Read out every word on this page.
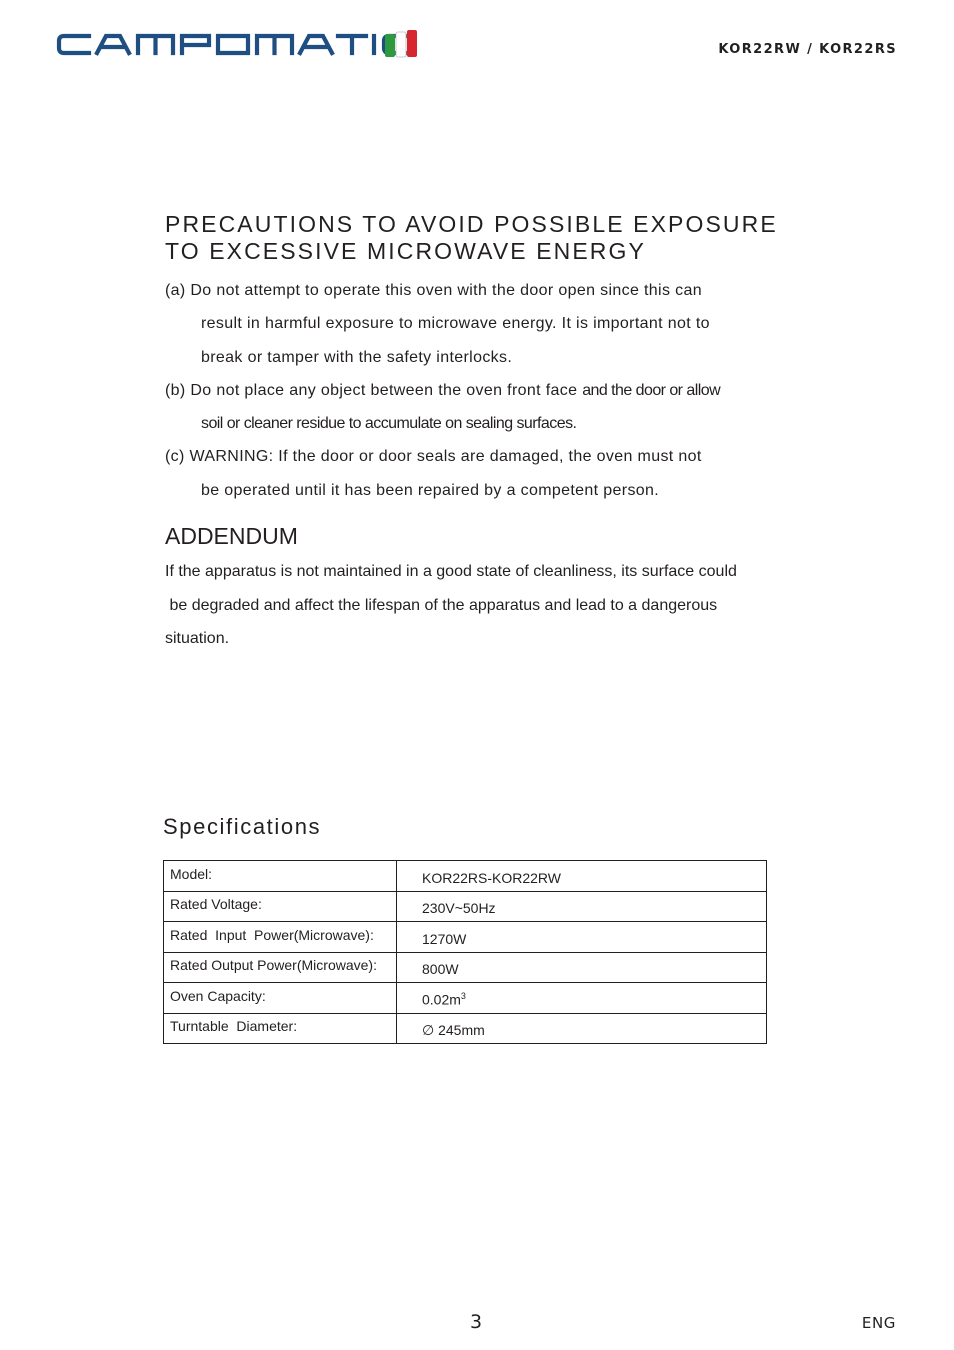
KOR22RW / KOR22RS
PRECAUTIONS TO AVOID POSSIBLE EXPOSURE
TO EXCESSIVE MICROWAVE ENERGY
(a) Do not attempt to operate this oven with the door open since this can
result in harmful exposure to microwave energy. It is important not to
break or tamper with the safety interlocks.
(b) Do not place any object between the oven front face and the door or allow
soil or cleaner residue to accumulate on sealing surfaces.
(c) WARNING: If the door or door seals are damaged, the oven must not
be operated until it has been repaired by a competent person.
ADDENDUM
If the apparatus is not maintained in a good state of cleanliness, its surface could
be degraded and affect the lifespan of the apparatus and lead to a dangerous
situation.
Specifications
Model:	KOR22RS-KOR22RW
Rated Voltage:	230V~50Hz
Rated  Input  Power(Microwave):	1270W
Rated Output Power(Microwave):	800W
Oven Capacity:	$0.02m^3$
Turntable  Diameter:	∅ 245mm
3	ENG
